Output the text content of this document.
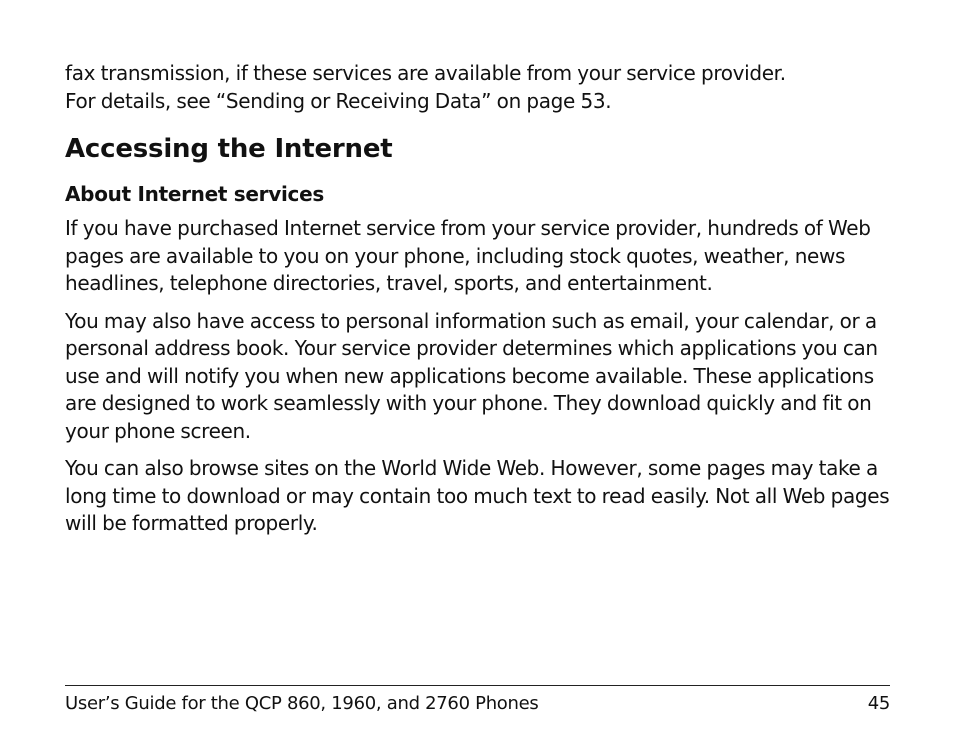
fax transmission, if these services are available from your service provider.
For details, see “Sending or Receiving Data” on page 53.

Accessing the Internet
About Internet services

If you have purchased Internet service from your service provider, hundreds of Web pages are available to you on your phone, including stock quotes, weather, news headlines, telephone directories, travel, sports, and entertainment.

You may also have access to personal information such as email, your calendar, or a personal address book. Your service provider determines which applications you can use and will notify you when new applications become available. These applications are designed to work seamlessly with your phone. They download quickly and fit on your phone screen.

You can also browse sites on the World Wide Web. However, some pages may take a long time to download or may contain too much text to read easily. Not all Web pages will be formatted properly.

User’s Guide for the QCP 860, 1960, and 2760 Phones	45
